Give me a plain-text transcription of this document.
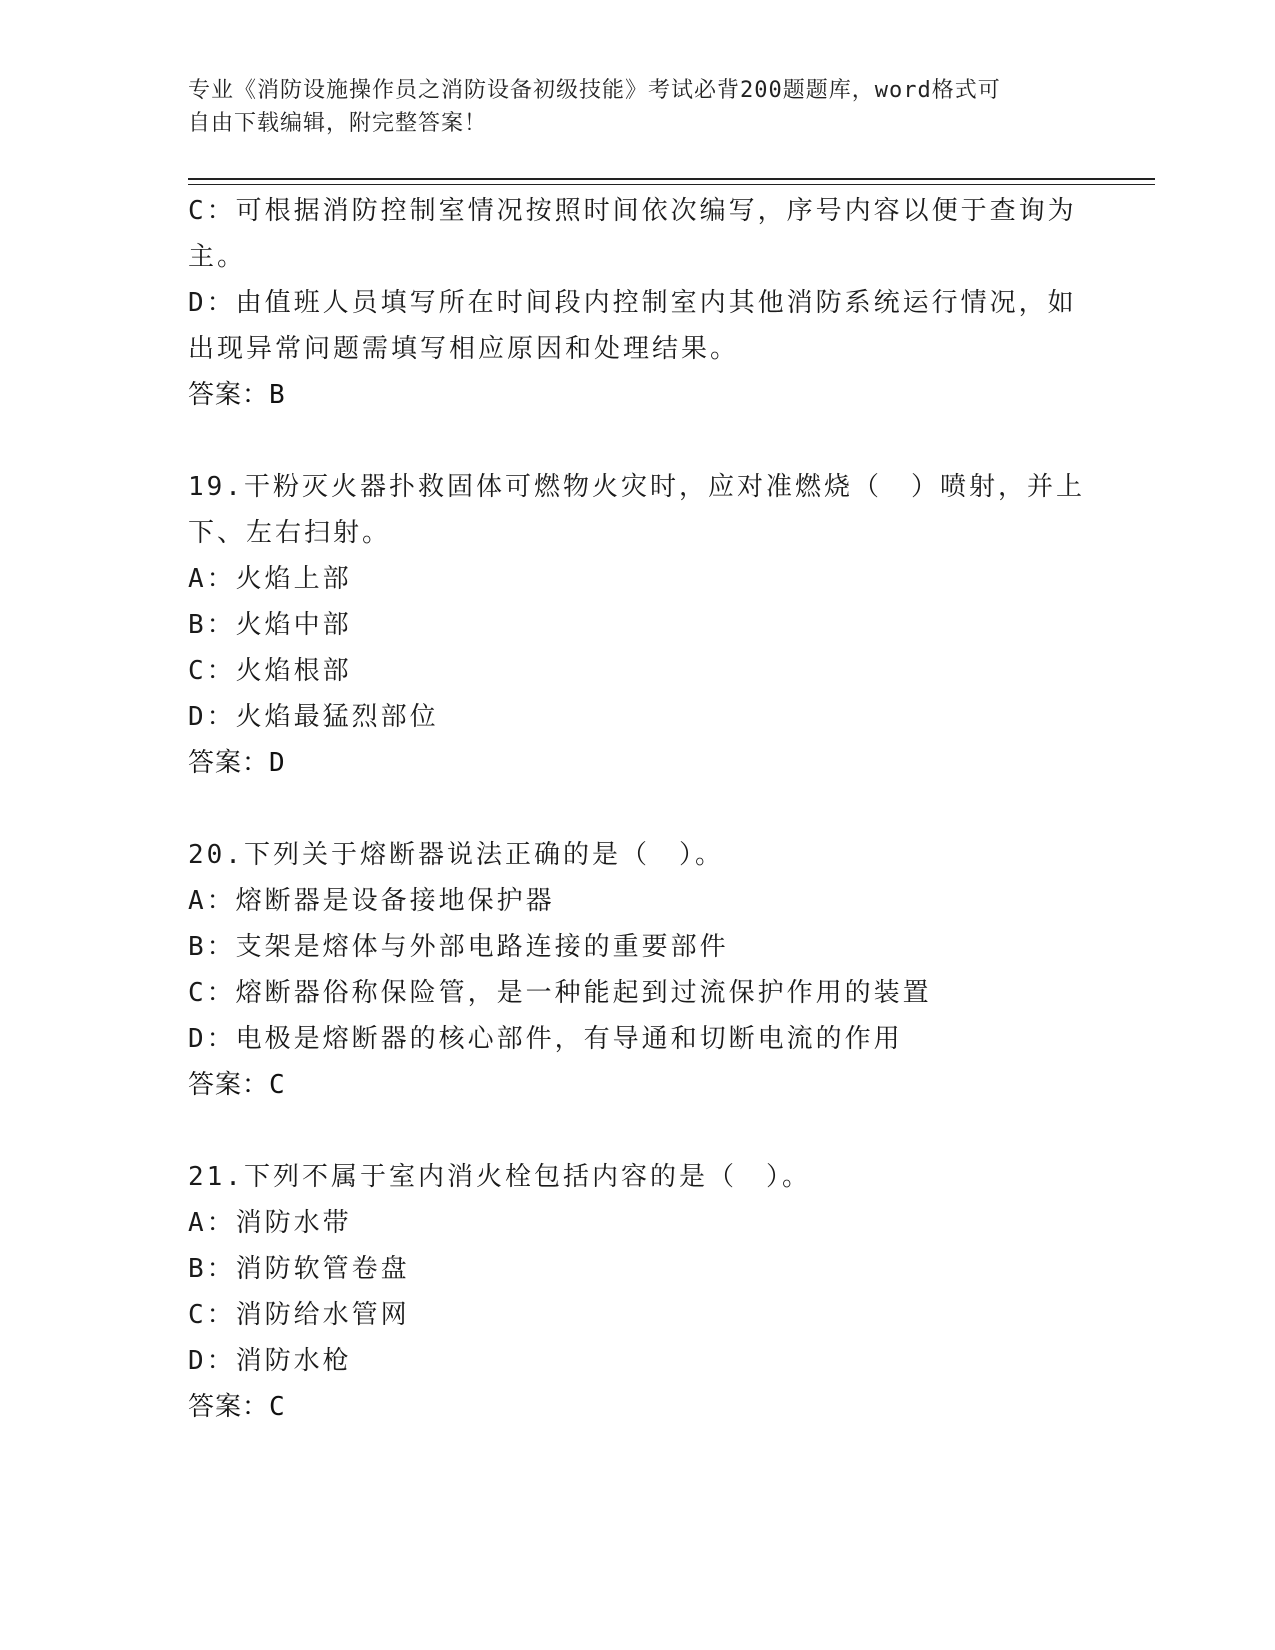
专业《消防设施操作员之消防设备初级技能》考试必背200题题库，word格式可
自由下载编辑，附完整答案！
C：可根据消防控制室情况按照时间依次编写，序号内容以便于查询为
主。
D：由值班人员填写所在时间段内控制室内其他消防系统运行情况，如
出现异常问题需填写相应原因和处理结果。
答案：B
19.干粉灭火器扑救固体可燃物火灾时，应对准燃烧（　）喷射，并上
下、左右扫射。
A：火焰上部
B：火焰中部
C：火焰根部
D：火焰最猛烈部位
答案：D
20.下列关于熔断器说法正确的是（　）。
A：熔断器是设备接地保护器
B：支架是熔体与外部电路连接的重要部件
C：熔断器俗称保险管，是一种能起到过流保护作用的装置
D：电极是熔断器的核心部件，有导通和切断电流的作用
答案：C
21.下列不属于室内消火栓包括内容的是（　）。
A：消防水带
B：消防软管卷盘
C：消防给水管网
D：消防水枪
答案：C
